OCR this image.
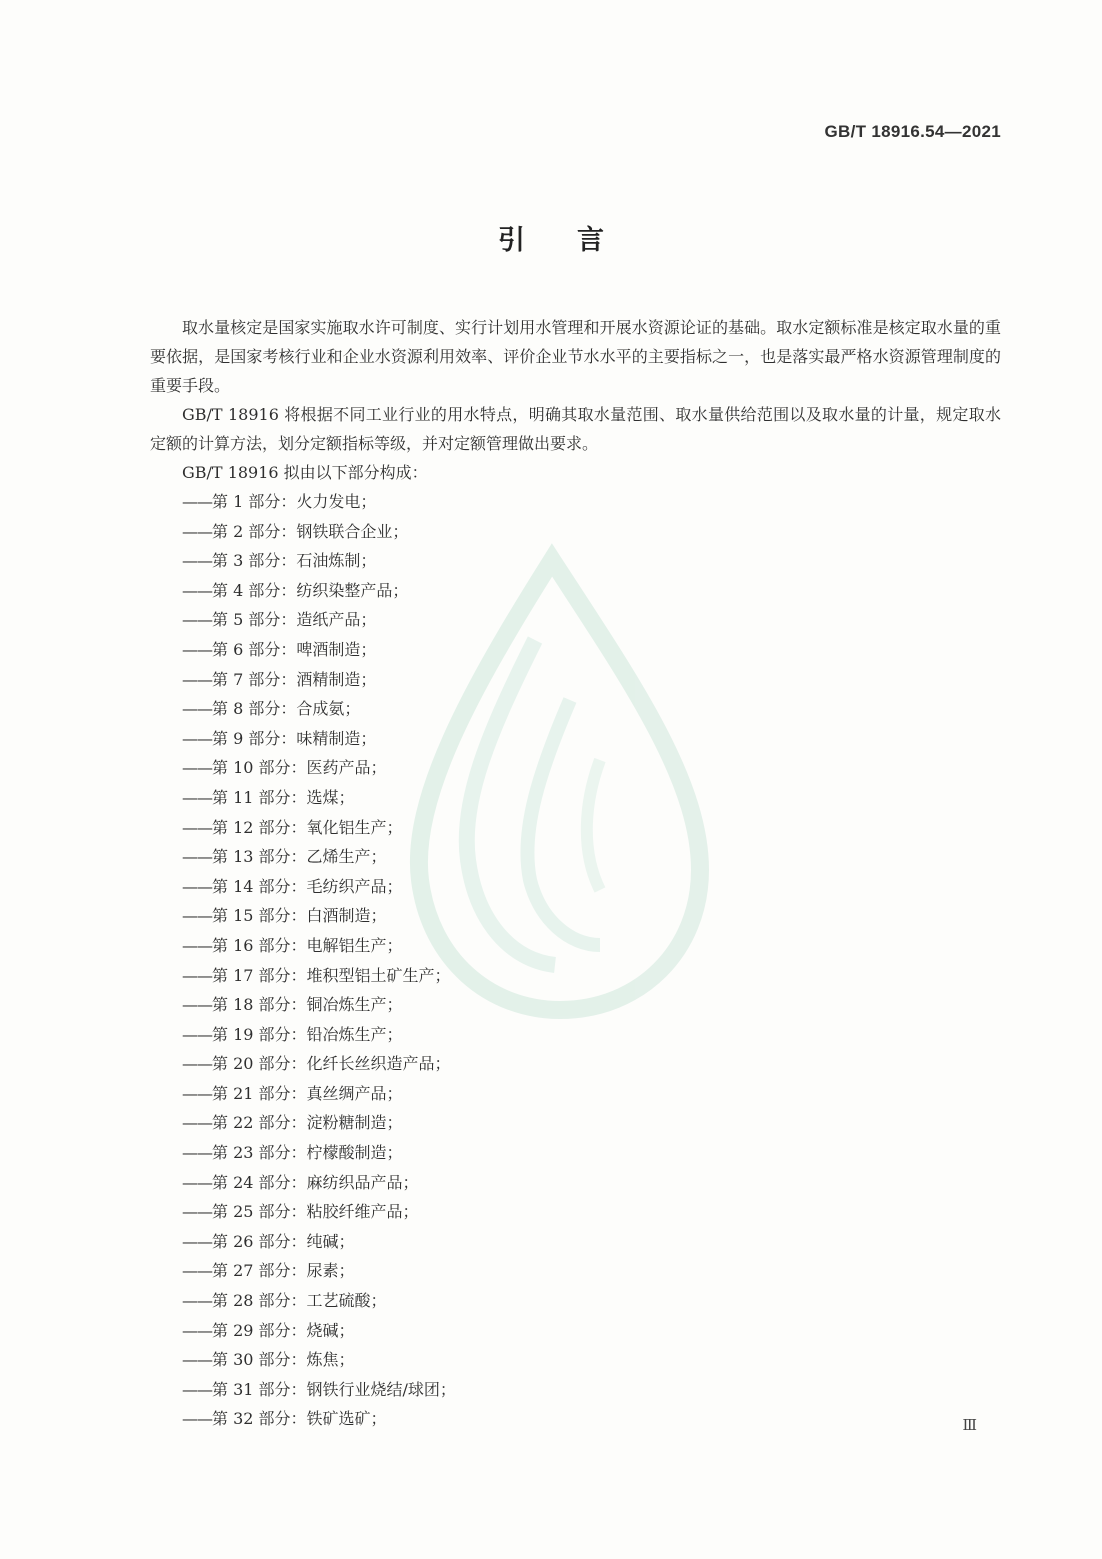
GB/T 18916.54—2021
引言

取水量核定是国家实施取水许可制度、实行计划用水管理和开展水资源论证的基础。取水定额标准是核定取水量的重要依据，是国家考核行业和企业水资源利用效率、评价企业节水水平的主要指标之一，也是落实最严格水资源管理制度的重要手段。

GB/T 18916 将根据不同工业行业的用水特点，明确其取水量范围、取水量供给范围以及取水量的计量，规定取水定额的计算方法，划分定额指标等级，并对定额管理做出要求。

GB/T 18916 拟由以下部分构成：

——第 1 部分：火力发电；
——第 2 部分：钢铁联合企业；
——第 3 部分：石油炼制；
——第 4 部分：纺织染整产品；
——第 5 部分：造纸产品；
——第 6 部分：啤酒制造；
——第 7 部分：酒精制造；
——第 8 部分：合成氨；
——第 9 部分：味精制造；
——第 10 部分：医药产品；
——第 11 部分：选煤；
——第 12 部分：氧化铝生产；
——第 13 部分：乙烯生产；
——第 14 部分：毛纺织产品；
——第 15 部分：白酒制造；
——第 16 部分：电解铝生产；
——第 17 部分：堆积型铝土矿生产；
——第 18 部分：铜冶炼生产；
——第 19 部分：铅冶炼生产；
——第 20 部分：化纤长丝织造产品；
——第 21 部分：真丝绸产品；
——第 22 部分：淀粉糖制造；
——第 23 部分：柠檬酸制造；
——第 24 部分：麻纺织品产品；
——第 25 部分：粘胶纤维产品；
——第 26 部分：纯碱；
——第 27 部分：尿素；
——第 28 部分：工艺硫酸；
——第 29 部分：烧碱；
——第 30 部分：炼焦；
——第 31 部分：钢铁行业烧结/球团；
——第 32 部分：铁矿选矿；	Ⅲ
